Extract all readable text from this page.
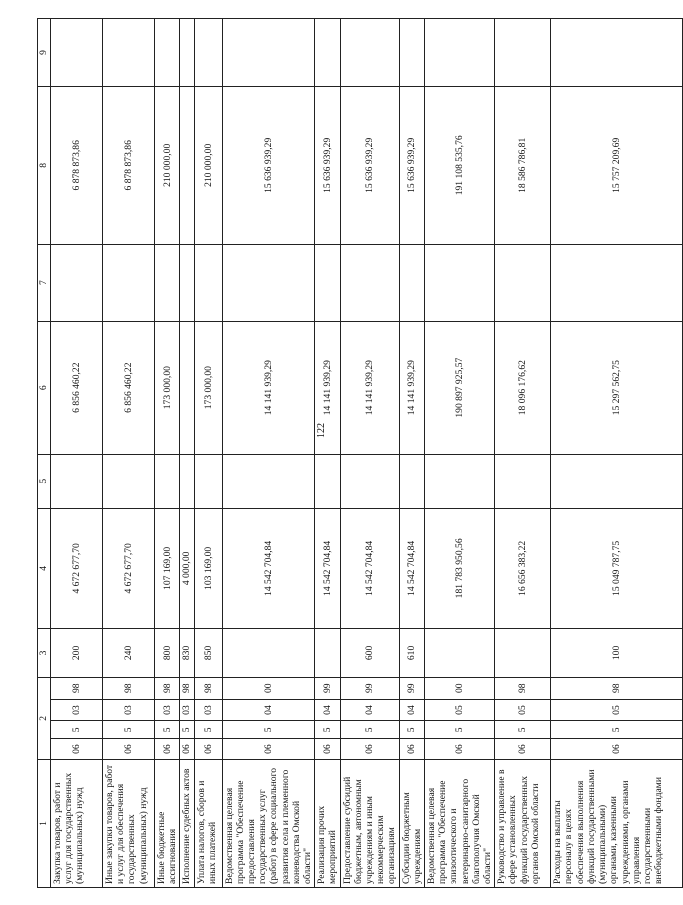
122
1	2				3	4	5	6	7	8	9
Закупка товаров, работ и услуг для государственных (муниципальных) нужд	06	5	03	98	200	4 672 677,70		6 856 460,22		6 878 873,86	
Иные закупки товаров, работ и услуг для обеспечения государственных (муниципальных) нужд	06	5	03	98	240	4 672 677,70		6 856 460,22		6 878 873,86	
Иные бюджетные ассигнования	06	5	03	98	800	107 169,00		173 000,00		210 000,00	
Исполнение судебных актов	06	5	03	98	830	4 000,00					
Уплата налогов, сборов и иных платежей	06	5	03	98	850	103 169,00		173 000,00		210 000,00	
Ведомственная целевая программа "Обеспечение предоставления государственных услуг (работ) в сфере социального развития села и племенного коневодства Омской области"	06	5	04	00		14 542 704,84		14 141 939,29		15 636 939,29	
Реализация прочих мероприятий	06	5	04	99		14 542 704,84		14 141 939,29		15 636 939,29	
Предоставление субсидий бюджетным, автономным учреждениям и иным некоммерческим организациям	06	5	04	99	600	14 542 704,84		14 141 939,29		15 636 939,29	
Субсидии бюджетным учреждениям	06	5	04	99	610	14 542 704,84		14 141 939,29		15 636 939,29	
Ведомственная целевая программа "Обеспечение эпизоотического и ветеринарно-санитарного благополучия Омской области"	06	5	05	00		181 783 950,56		190 897 925,57		191 108 535,76	
Руководство и управление в сфере установленных функций государственных органов Омской области	06	5	05	98		16 656 383,22		18 096 176,62		18 586 786,81	
Расходы на выплаты персоналу в целях обеспечения выполнения функций государственными (муниципальными) органами, казенными учреждениями, органами управления государственными внебюджетными фондами	06	5	05	98	100	15 049 787,75		15 297 562,75		15 757 209,69	
